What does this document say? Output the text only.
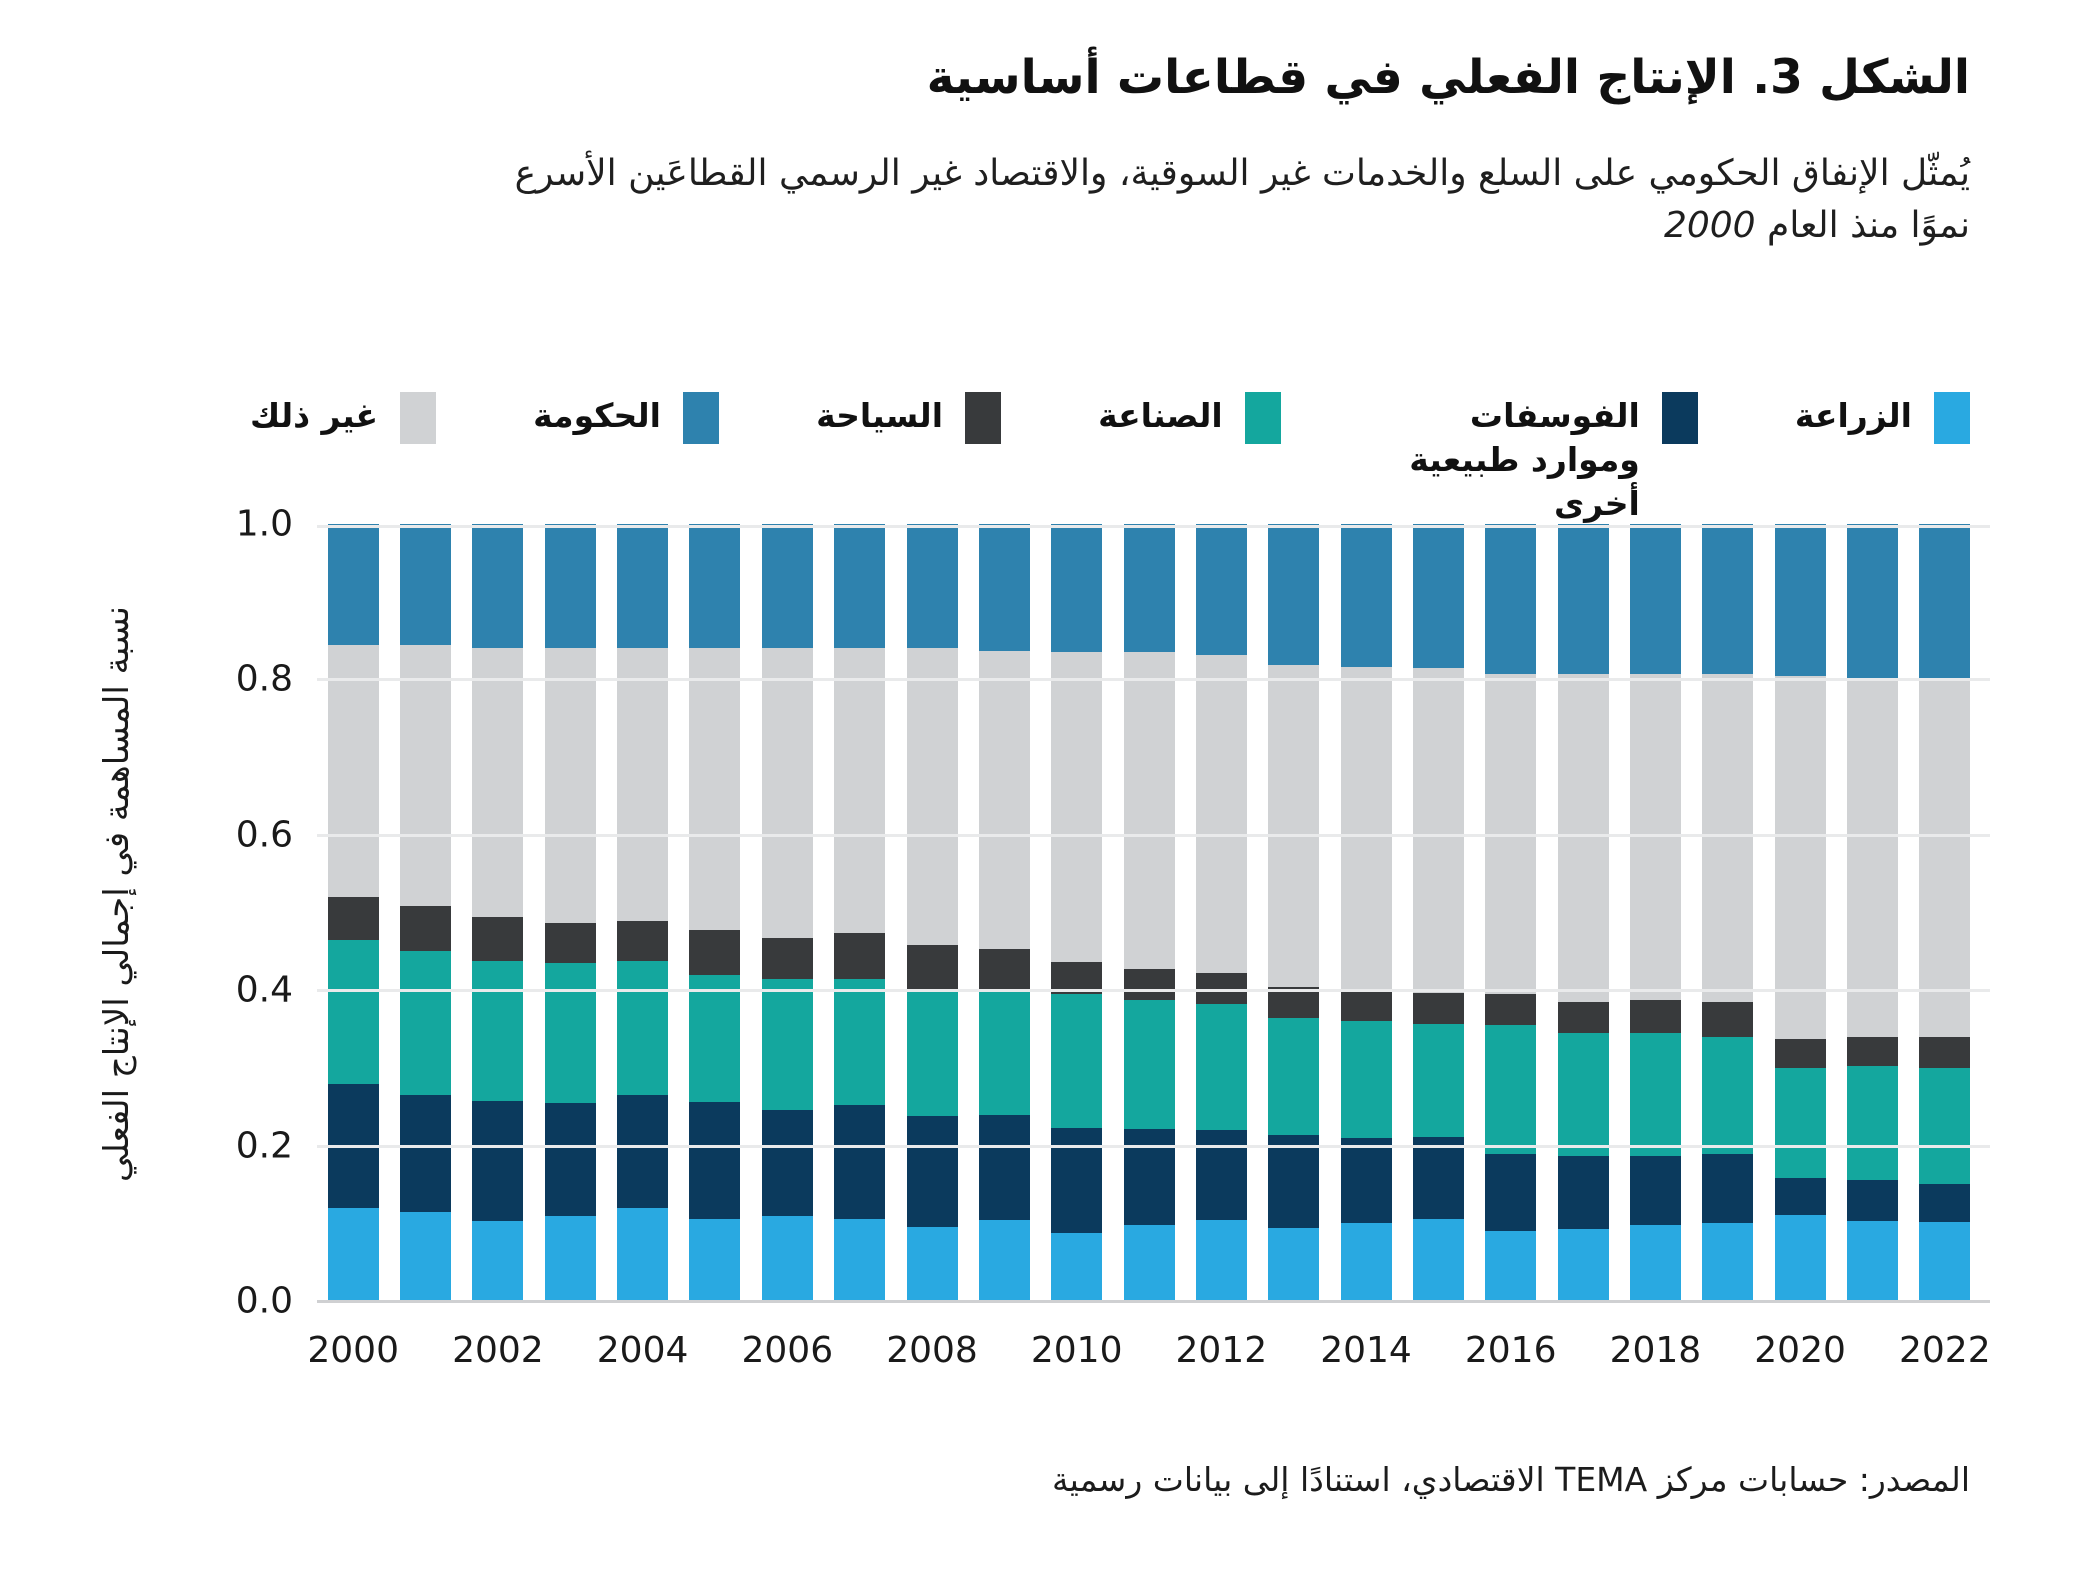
الشكل 3. الإنتاج الفعلي في قطاعات أساسية
يُمثّل الإنفاق الحكومي على السلع والخدمات غير السوقية، والاقتصاد غير الرسمي القطاعَين الأسرع
نموًا منذ العام 2000
الزراعة
الفوسفات وموارد طبيعية أخرى
الصناعة
السياحة
الحكومة
غير ذلك
نسبة المساهمة في إجمالي الإنتاج الفعلي
0.0
0.2
0.4
0.6
0.8
1.0
2000 2002 2004 2006 2008 2010 2012 2014 2016 2018 2020 2022
المصدر: حسابات مركز TEMA الاقتصادي، استنادًا إلى بيانات رسمية
